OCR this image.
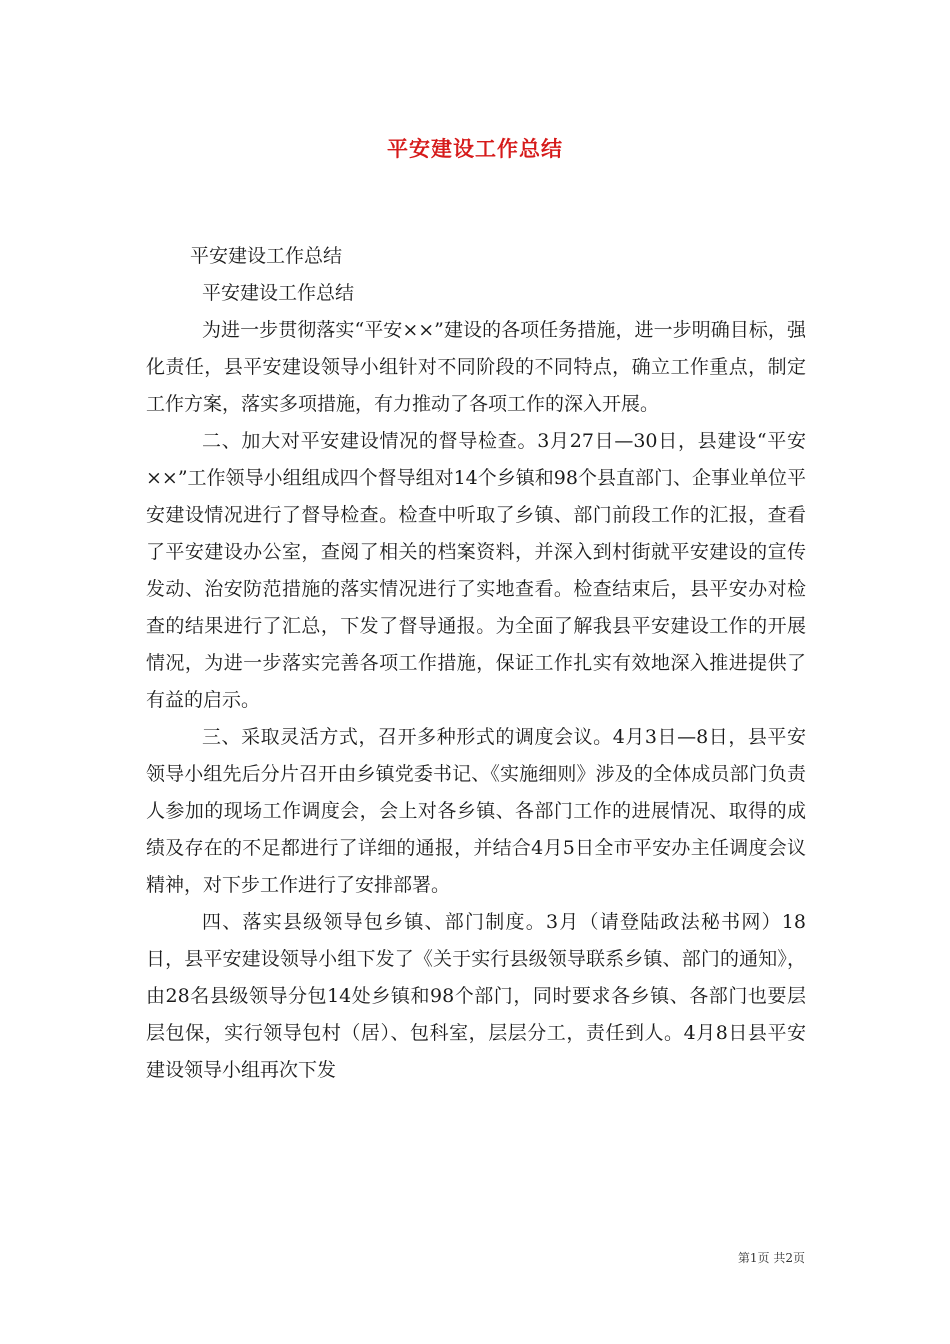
平安建设工作总结
平安建设工作总结
平安建设工作总结

为进一步贯彻落实“平安××”建设的各项任务措施，进一步明确目标，强化责任，县平安建设领导小组针对不同阶段的不同特点，确立工作重点，制定工作方案，落实多项措施，有力推动了各项工作的深入开展。

二、加大对平安建设情况的督导检查。3月27日—30日，县建设“平安××”工作领导小组组成四个督导组对14个乡镇和98个县直部门、企事业单位平安建设情况进行了督导检查。检查中听取了乡镇、部门前段工作的汇报，查看了平安建设办公室，查阅了相关的档案资料，并深入到村街就平安建设的宣传发动、治安防范措施的落实情况进行了实地查看。检查结束后，县平安办对检查的结果进行了汇总，下发了督导通报。为全面了解我县平安建设工作的开展情况，为进一步落实完善各项工作措施，保证工作扎实有效地深入推进提供了有益的启示。

三、采取灵活方式，召开多种形式的调度会议。4月3日—8日，县平安领导小组先后分片召开由乡镇党委书记、《实施细则》涉及的全体成员部门负责人参加的现场工作调度会，会上对各乡镇、各部门工作的进展情况、取得的成绩及存在的不足都进行了详细的通报，并结合4月5日全市平安办主任调度会议精神，对下步工作进行了安排部署。

四、落实县级领导包乡镇、部门制度。3月（请登陆政法秘书网）18日，县平安建设领导小组下发了《关于实行县级领导联系乡镇、部门的通知》，由28名县级领导分包14处乡镇和98个部门，同时要求各乡镇、各部门也要层层包保，实行领导包村（居）、包科室，层层分工，责任到人。4月8日县平安建设领导小组再次下发

第1页 共2页
